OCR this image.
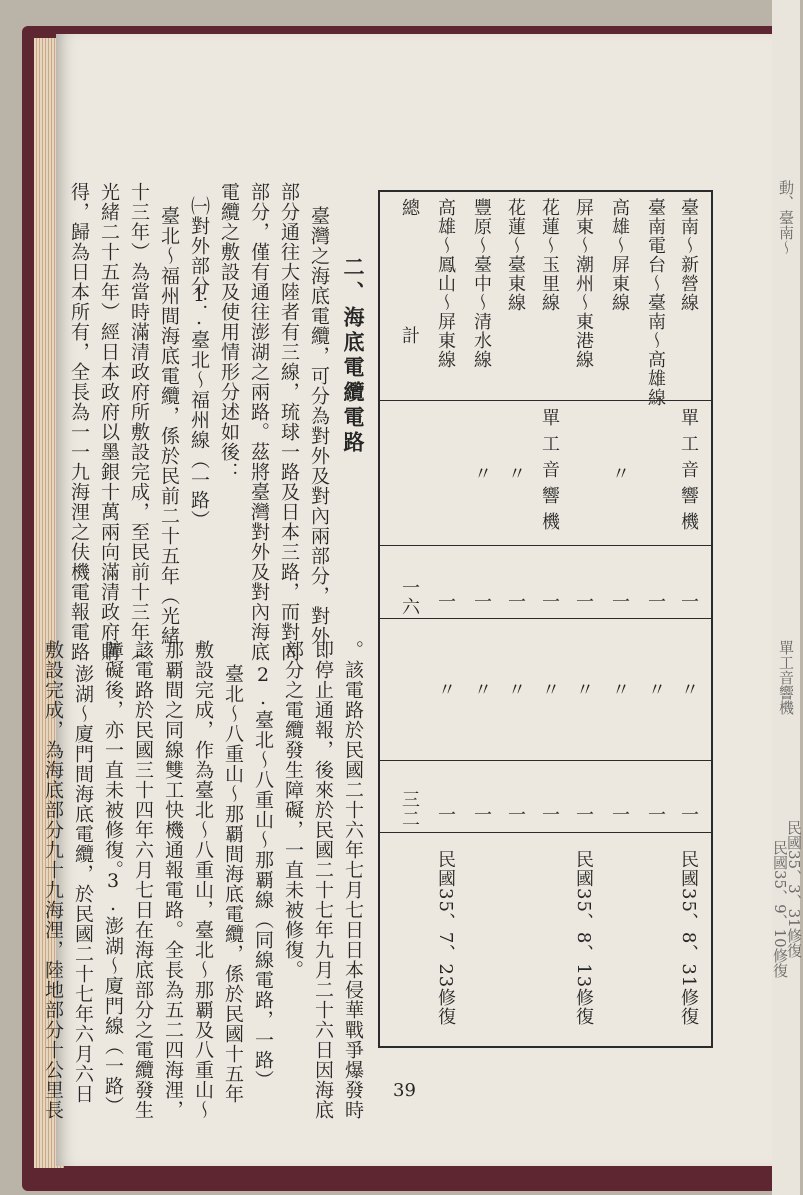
臺南～新營線
臺南電台～臺南～高雄線
高雄～屏東線
屏東～潮州～東港線
花蓮～玉里線
花蓮～臺東線
豐原～臺中～清水線
高雄～鳳山～屏東線
總計
單工音響機
〃
單工音響機
〃
〃
一
一
一
一
一
一
一
一
一六
〃
〃
〃
〃
〃
〃
〃
〃
一
一
一
一
一
一
一
一
三二
民國35、8、31修復
民國35、8、13修復
民國35、7、23修復
二、海底電纜電路
臺灣之海底電纜，可分為對外及對內兩部分，對外
部分通往大陸者有三線，琉球一路及日本三路，而對內
部分，僅有通往澎湖之兩路。茲將臺灣對外及對內海底
電纜之敷設及使用情形分述如後：
㈠對外部分：
1.臺北～福州線（一路）
臺北～福州間海底電纜，係於民前二十五年（光緒
十三年）為當時滿清政府所敷設完成，至民前十三年（
光緒二十五年）經日本政府以墨銀十萬兩向滿清政府購
得，歸為日本所有，全長為一一九海浬之伕機電報電路
。該電路於民國二十六年七月七日日本侵華戰爭爆發時
即停止通報，後來於民國二十七年九月二十六日因海底
部分之電纜發生障礙，一直未被修復。
2.臺北～八重山～那覇線（同線電路，一路）
臺北～八重山～那覇間海底電纜，係於民國十五年
敷設完成，作為臺北～八重山，臺北～那覇及八重山～
那覇間之同線雙工快機通報電路。全長為五二四海浬，
該電路於民國三十四年六月七日在海底部分之電纜發生
障礙後，亦一直未被修復。
3.澎湖～廈門線（一路）
澎湖～廈門間海底電纜，於民國二十七年六月六日
敷設完成，為海底部分九十九海浬，陸地部分十公里長	39
動、臺南～
單工音響機
民國35、3、31修復
民國35、9、10修復
